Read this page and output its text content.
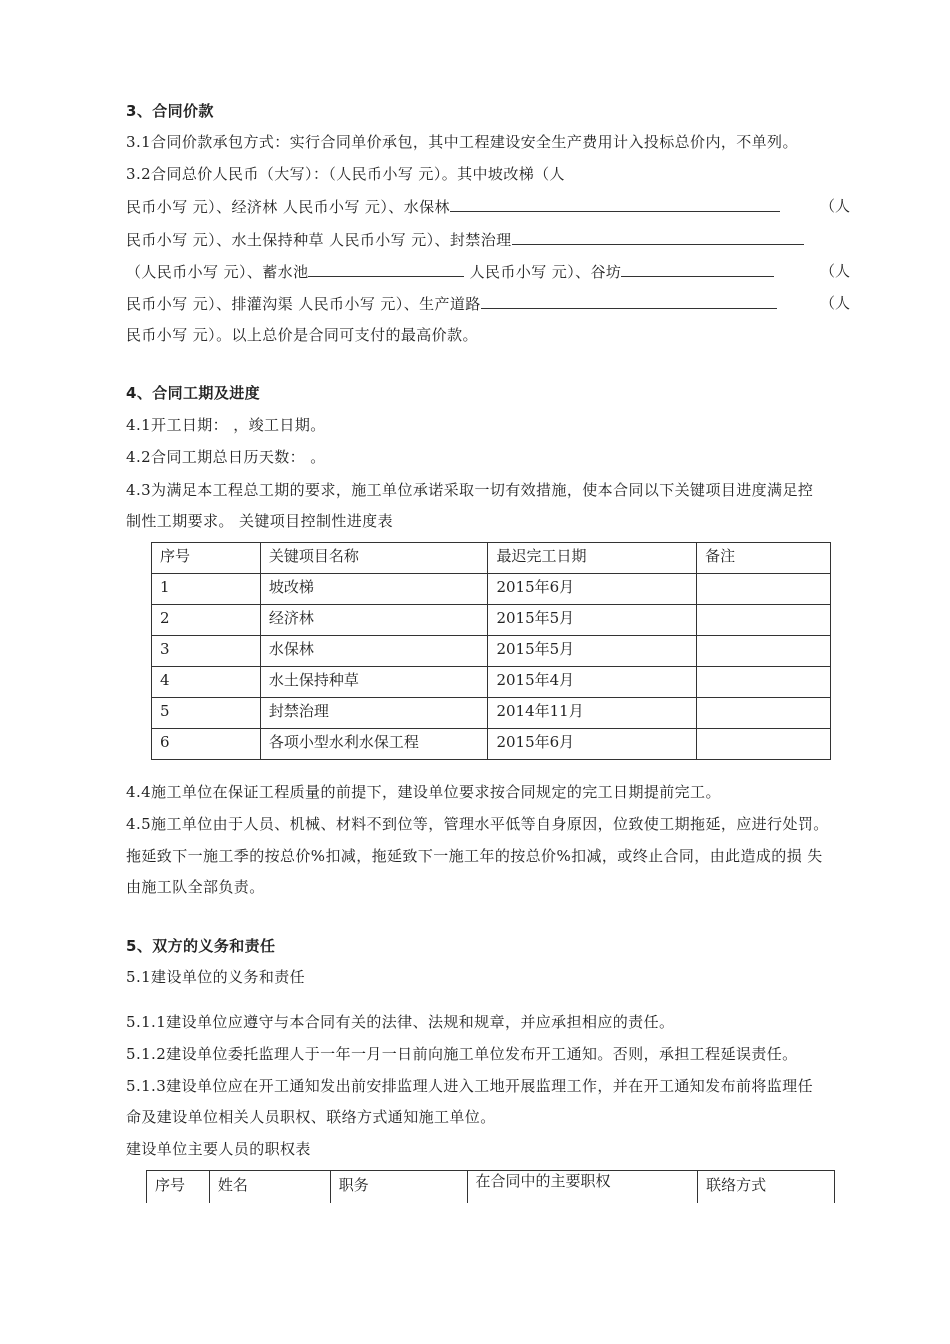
3、合同价款
3.1合同价款承包方式：实行合同单价承包，其中工程建设安全生产费用计入投标总价内，不单列。
3.2合同总价人民币（大写）：（人民币小写 元）。其中坡改梯（人
民币小写 元）、经济林 人民币小写 元）、水保林	（人
民币小写 元）、水土保持种草 人民币小写 元）、封禁治理
（人民币小写 元）、蓄水池	人民币小写 元）、谷坊	（人
民币小写 元）、排灌沟渠 人民币小写 元）、生产道路	（人
民币小写 元）。以上总价是合同可支付的最高价款。
4、合同工期及进度
4.1开工日期： ，竣工日期。
4.2合同工期总日历天数： 。
4.3为满足本工程总工期的要求，施工单位承诺采取一切有效措施，使本合同以下关键项目进度满足控
制性工期要求。 关键项目控制性进度表
序号	关键项目名称	最迟完工日期	备注
1	坡改梯	2015年6月	
2	经济林	2015年5月	
3	水保林	2015年5月	
4	水土保持种草	2015年4月	
5	封禁治理	2014年11月	
6	各项小型水利水保工程	2015年6月	
4.4施工单位在保证工程质量的前提下，建设单位要求按合同规定的完工日期提前完工。
4.5施工单位由于人员、机械、材料不到位等，管理水平低等自身原因，位致使工期拖延，应进行处罚。
拖延致下一施工季的按总价%扣减，拖延致下一施工年的按总价%扣减，或终止合同，由此造成的损 失
由施工队全部负责。
5、双方的义务和责任
5.1建设单位的义务和责任
5.1.1建设单位应遵守与本合同有关的法律、法规和规章，并应承担相应的责任。
5.1.2建设单位委托监理人于一年一月一日前向施工单位发布开工通知。否则，承担工程延误责任。
5.1.3建设单位应在开工通知发出前安排监理人进入工地开展监理工作，并在开工通知发布前将监理任
命及建设单位相关人员职权、联络方式通知施工单位。
建设单位主要人员的职权表
序号	姓名	职务	在合同中的主要职权	联络方式
